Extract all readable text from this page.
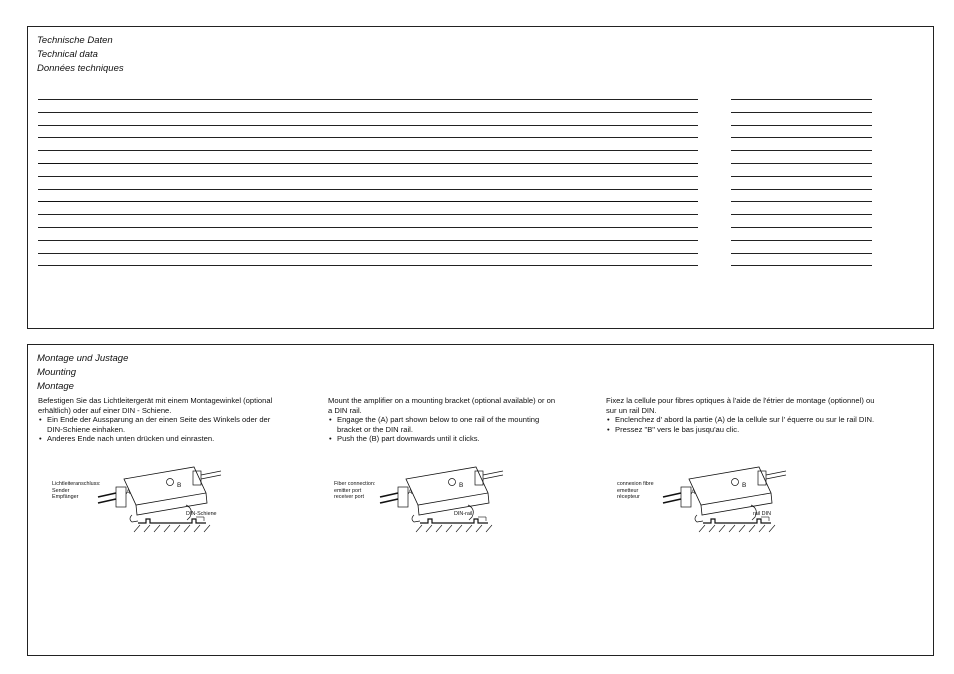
Technische Daten
Technical data
Données techniques
Montage und Justage
Mounting
Montage

Befestigen Sie das Lichtleitergerät mit einem Montagewinkel (optional erhältlich) oder auf einer DIN - Schiene.

• Ein Ende der Aussparung an der einen Seite des Winkels oder der DIN-Schiene einhaken.

• Anderes Ende nach unten drücken und einrasten.

Mount the amplifier on a mounting bracket (optional available) or on a DIN rail.

• Engage the (A) part shown below to one rail of the mounting bracket or the DIN rail.

• Push the (B) part downwards until it clicks.

Fixez la cellule pour fibres optiques à l'aide de l'étrier de montage (optionnel) ou sur un rail DIN.

• Enclenchez d' abord la partie (A) de la cellule sur l' équerre ou sur le rail DIN.

• Pressez "B" vers le bas jusqu'au clic.

Lichtleiteranschluss:
Sender
Empfänger
A
B
DIN-Schiene
Fiber connection:
emitter port
receiver port
A
B
DIN-rail
connexion fibre
emetteur
récepteur
A
B
rail DIN
